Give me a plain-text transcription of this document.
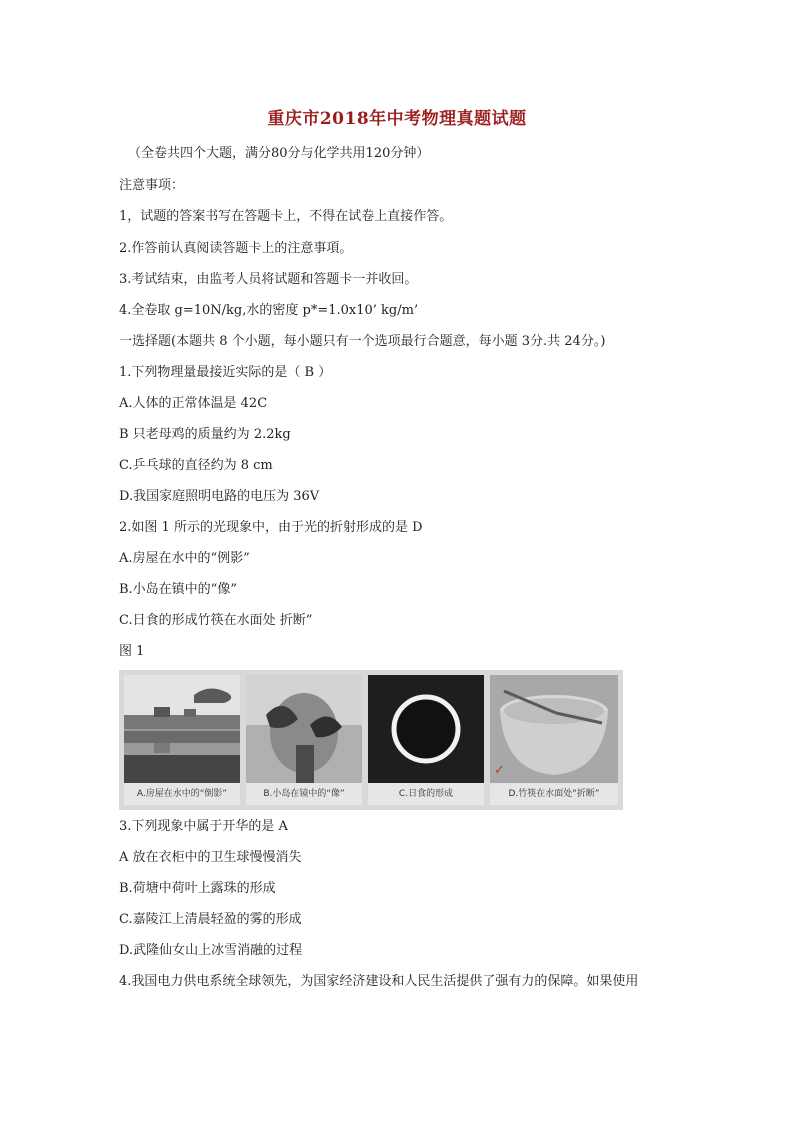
重庆市2018年中考物理真题试题
（全卷共四个大题，满分80分与化学共用120分钟）
注意事项：
1，试题的答案书写在答题卡上，不得在试卷上直接作答。
2.作答前认真阅读答题卡上的注意事項。
3.考试结束，由监考人员将试题和答题卡一并收回。
4.全卷取 g=10N/kg,水的密度 p*=1.0x10’ kg/m’
一选择题(本题共 8 个小题，每小题只有一个选项最行合题意，每小题 3分.共 24分。)
1.下列物理量最接近实际的是（ B ）
A.人体的正常体温是 42C
B 只老母鸡的质量约为 2.2kg
C.乒乓球的直径约为 8 cm
D.我国家庭照明电路的电压为 36V
2.如图 1 所示的光现象中，由于光的折射形成的是 D
A.房屋在水中的“例影”
B.小岛在镇中的“像”
C.日食的形成竹筷在水面处 折断”
图 1
A.房屋在水中的“倒影”	B.小岛在镜中的“像”	C.日食的形成	D.竹筷在水面处“折断”
✓
3.下列现象中属于开华的是 A
A 放在衣柜中的卫生球慢慢消失
B.荷塘中荷叶上露珠的形成
C.嘉陵江上清晨轻盈的雾的形成
D.武隆仙女山上冰雪消融的过程
4.我国电力供电系统全球领先，为国家经济建设和人民生活提供了强有力的保障。如果使用
